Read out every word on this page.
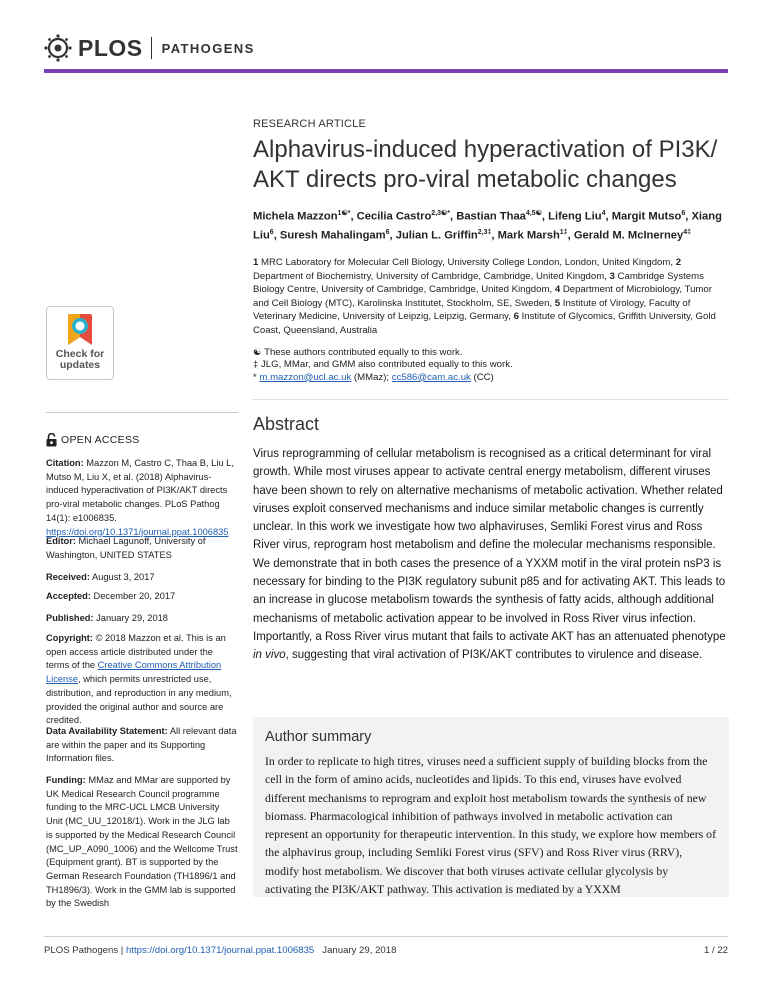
PLOS PATHOGENS
RESEARCH ARTICLE
Alphavirus-induced hyperactivation of PI3K/ AKT directs pro-viral metabolic changes
Michela Mazzon$^{1☯*}$, Cecilia Castro$^{2,3☯*}$, Bastian Thaa$^{4,5☯}$, Lifeng Liu$^4$, Margit Mutso$^6$, Xiang Liu$^6$, Suresh Mahalingam$^6$, Julian L. Griffin$^{2,3\ddagger}$, Mark Marsh$^{1\ddagger}$, Gerald M. McInerney$^{4\ddagger}$
1 MRC Laboratory for Molecular Cell Biology, University College London, London, United Kingdom, 2 Department of Biochemistry, University of Cambridge, Cambridge, United Kingdom, 3 Cambridge Systems Biology Centre, University of Cambridge, Cambridge, United Kingdom, 4 Department of Microbiology, Tumor and Cell Biology (MTC), Karolinska Institutet, Stockholm, SE, Sweden, 5 Institute of Virology, Faculty of Veterinary Medicine, University of Leipzig, Leipzig, Germany, 6 Institute of Glycomics, Griffith University, Gold Coast, Queensland, Australia
☯ These authors contributed equally to this work.
‡ JLG, MMar, and GMM also contributed equally to this work.
* m.mazzon@ucl.ac.uk (MMaz); cc586@cam.ac.uk (CC)
Check for
updates
OPEN ACCESS
Citation: Mazzon M, Castro C, Thaa B, Liu L, Mutso M, Liu X, et al. (2018) Alphavirus-induced hyperactivation of PI3K/AKT directs pro-viral metabolic changes. PLoS Pathog 14(1): e1006835. https://doi.org/10.1371/journal.ppat.1006835
Editor: Michael Lagunoff, University of Washington, UNITED STATES
Received: August 3, 2017
Accepted: December 20, 2017
Published: January 29, 2018
Copyright: © 2018 Mazzon et al. This is an open access article distributed under the terms of the Creative Commons Attribution License, which permits unrestricted use, distribution, and reproduction in any medium, provided the original author and source are credited.
Data Availability Statement: All relevant data are within the paper and its Supporting Information files.
Funding: MMaz and MMar are supported by UK Medical Research Council programme funding to the MRC-UCL LMCB University Unit (MC_UU_12018/1). Work in the JLG lab is supported by the Medical Research Council (MC_UP_A090_1006) and the Wellcome Trust (Equipment grant). BT is supported by the German Research Foundation (TH1896/1 and TH1896/3). Work in the GMM lab is supported by the Swedish
Abstract
Virus reprogramming of cellular metabolism is recognised as a critical determinant for viral growth. While most viruses appear to activate central energy metabolism, different viruses have been shown to rely on alternative mechanisms of metabolic activation. Whether related viruses exploit conserved mechanisms and induce similar metabolic changes is currently unclear. In this work we investigate how two alphaviruses, Semliki Forest virus and Ross River virus, reprogram host metabolism and define the molecular mechanisms responsible. We demonstrate that in both cases the presence of a YXXM motif in the viral protein nsP3 is necessary for binding to the PI3K regulatory subunit p85 and for activating AKT. This leads to an increase in glucose metabolism towards the synthesis of fatty acids, although additional mechanisms of metabolic activation appear to be involved in Ross River virus infection. Importantly, a Ross River virus mutant that fails to activate AKT has an attenuated phenotype in vivo, suggesting that viral activation of PI3K/AKT contributes to virulence and disease.
Author summary
In order to replicate to high titres, viruses need a sufficient supply of building blocks from the cell in the form of amino acids, nucleotides and lipids. To this end, viruses have evolved different mechanisms to reprogram and exploit host metabolism towards the synthesis of new biomass. Pharmacological inhibition of pathways involved in metabolic activation can represent an opportunity for therapeutic intervention. In this study, we explore how members of the alphavirus group, including Semliki Forest virus (SFV) and Ross River virus (RRV), modify host metabolism. We discover that both viruses activate cellular glycolysis by activating the PI3K/AKT pathway. This activation is mediated by a YXXM
PLOS Pathogens | https://doi.org/10.1371/journal.ppat.1006835 January 29, 2018	1 / 22
